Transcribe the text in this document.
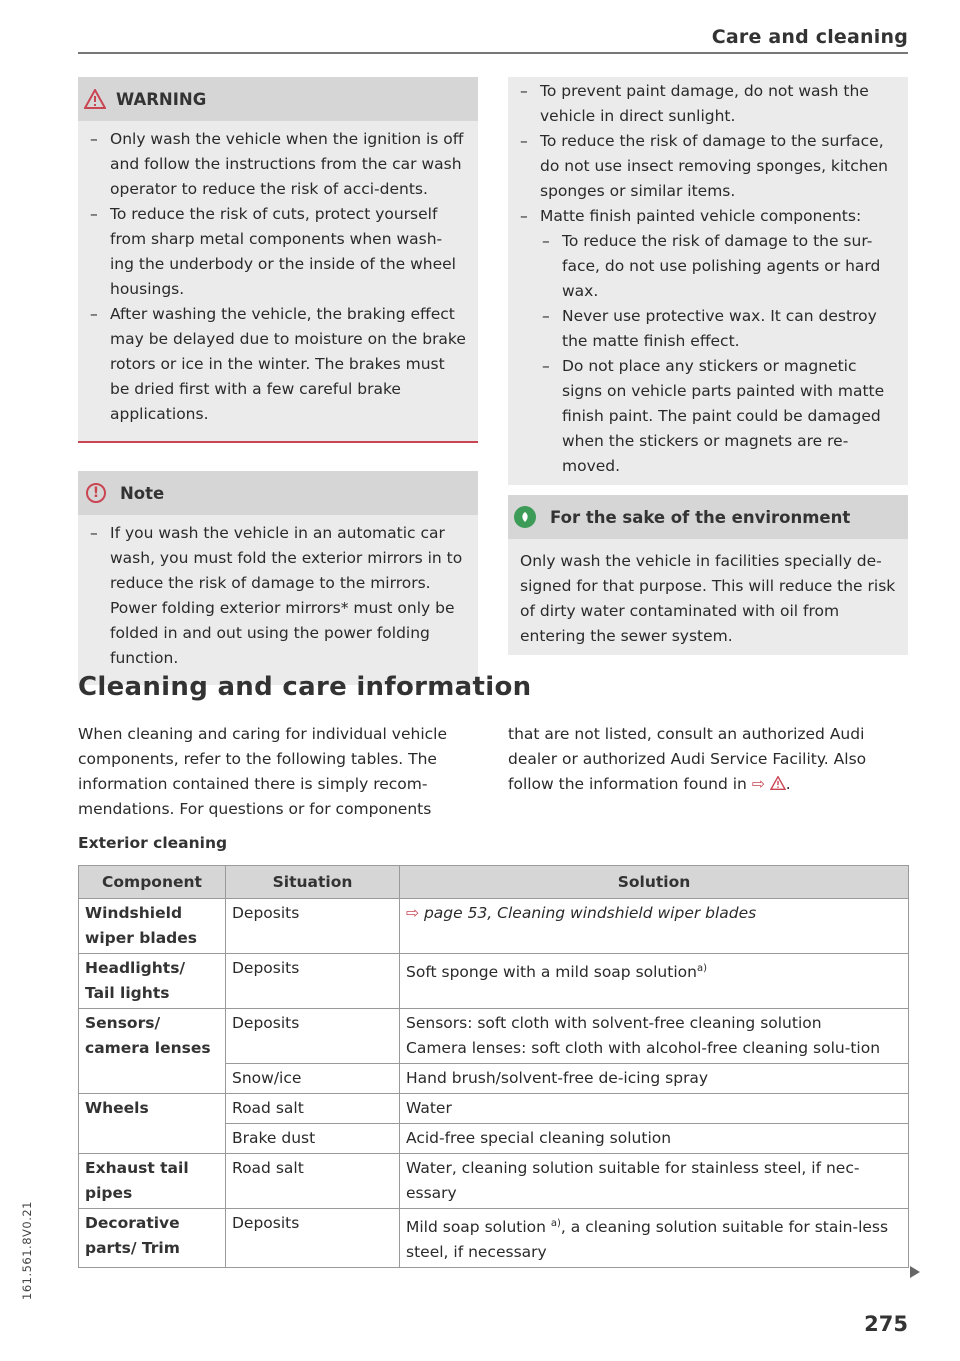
Care and cleaning
WARNING
– Only wash the vehicle when the ignition is off and follow the instructions from the car wash operator to reduce the risk of acci-dents.
– To reduce the risk of cuts, protect yourself from sharp metal components when wash-ing the underbody or the inside of the wheel housings.
– After washing the vehicle, the braking effect may be delayed due to moisture on the brake rotors or ice in the winter. The brakes must be dried first with a few careful brake applications.
!	Note
– If you wash the vehicle in an automatic car wash, you must fold the exterior mirrors in to reduce the risk of damage to the mirrors. Power folding exterior mirrors* must only be folded in and out using the power folding function.
– To prevent paint damage, do not wash the vehicle in direct sunlight.
– To reduce the risk of damage to the surface, do not use insect removing sponges, kitchen sponges or similar items.
– Matte finish painted vehicle components:
– To reduce the risk of damage to the sur-face, do not use polishing agents or hard wax.
– Never use protective wax. It can destroy the matte finish effect.
– Do not place any stickers or magnetic signs on vehicle parts painted with matte finish paint. The paint could be damaged when the stickers or magnets are re-moved.
For the sake of the environment
Only wash the vehicle in facilities specially de-signed for that purpose. This will reduce the risk of dirty water contaminated with oil from entering the sewer system.
Cleaning and care information
When cleaning and caring for individual vehicle components, refer to the following tables. The information contained there is simply recom-mendations. For questions or for components
that are not listed, consult an authorized Audi dealer or authorized Audi Service Facility. Also follow the information found in ⇨ .
Exterior cleaning
Component	Situation	Solution
Windshield wiper blades	Deposits	⇨ page 53, Cleaning windshield wiper blades
Headlights/ Tail lights	Deposits	Soft sponge with a mild soap solution$^{a)}$
Sensors/ camera lenses	Deposits	Sensors: soft cloth with solvent-free cleaning solution
Camera lenses: soft cloth with alcohol-free cleaning solu-tion

	Snow/ice	Hand brush/solvent-free de-icing spray
Wheels	Road salt	Water
	Brake dust	Acid-free special cleaning solution
Exhaust tail pipes	Road salt	Water, cleaning solution suitable for stainless steel, if nec-essary
Decorative parts/ Trim	Deposits	Mild soap solution $^{a)}$, a cleaning solution suitable for stain-less steel, if necessary
161.561.8V0.21
275
